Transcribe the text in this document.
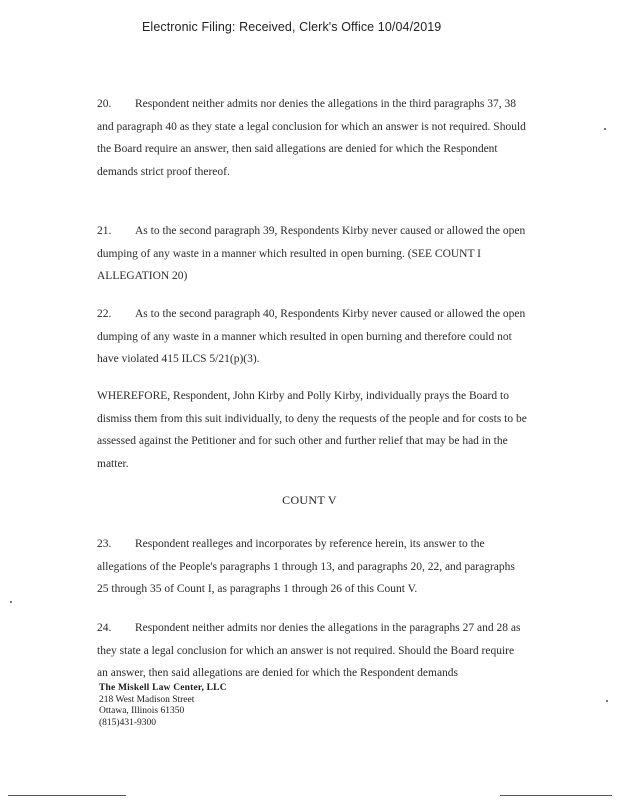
Electronic Filing: Received, Clerk's Office 10/04/2019

20. Respondent neither admits nor denies the allegations in the third paragraphs 37, 38 and paragraph 40 as they state a legal conclusion for which an answer is not required. Should the Board require an answer, then said allegations are denied for which the Respondent demands strict proof thereof.

21. As to the second paragraph 39, Respondents Kirby never caused or allowed the open dumping of any waste in a manner which resulted in open burning. (SEE COUNT I ALLEGATION 20)

22. As to the second paragraph 40, Respondents Kirby never caused or allowed the open dumping of any waste in a manner which resulted in open burning and therefore could not have violated 415 ILCS 5/21(p)(3).

WHEREFORE, Respondent, John Kirby and Polly Kirby, individually prays the Board to dismiss them from this suit individually, to deny the requests of the people and for costs to be assessed against the Petitioner and for such other and further relief that may be had in the matter.

COUNT V

23. Respondent realleges and incorporates by reference herein, its answer to the allegations of the People's paragraphs 1 through 13, and paragraphs 20, 22, and paragraphs 25 through 35 of Count I, as paragraphs 1 through 26 of this Count V.

24. Respondent neither admits nor denies the allegations in the paragraphs 27 and 28 as they state a legal conclusion for which an answer is not required. Should the Board require an answer, then said allegations are denied for which the Respondent demands

The Miskell Law Center, LLC
218 West Madison Street
Ottawa, Illinois 61350
(815)431-9300
